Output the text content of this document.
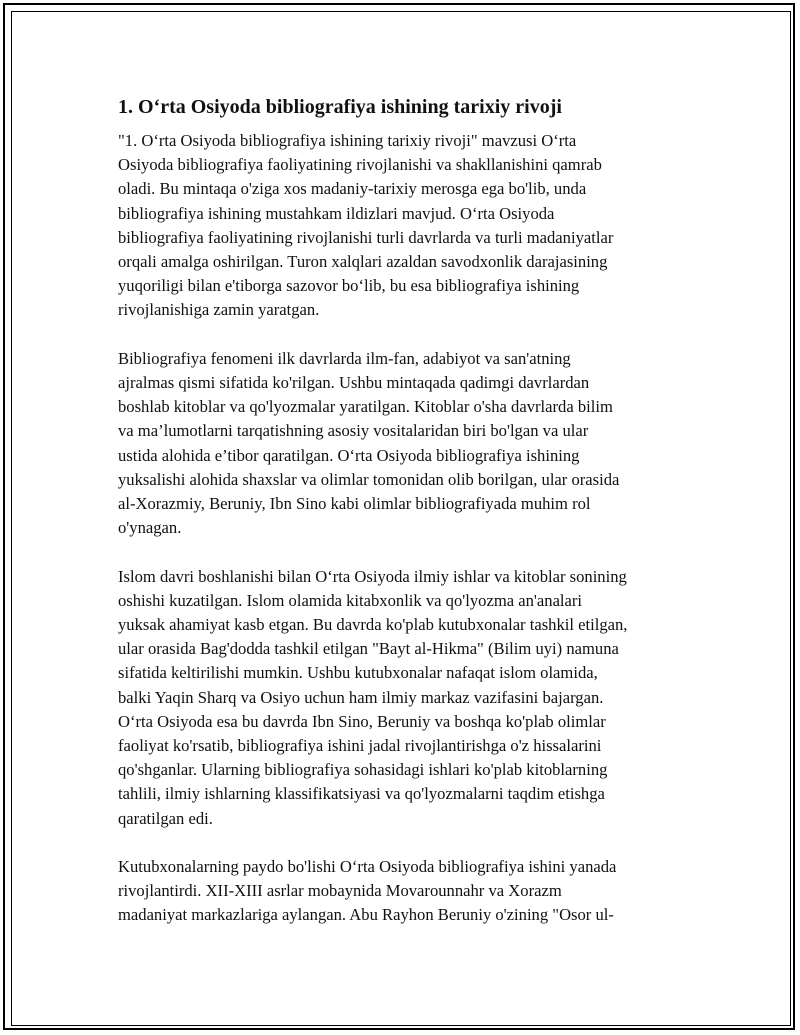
1. O‘rta Osiyoda bibliografiya ishining tarixiy rivoji

"1. O‘rta Osiyoda bibliografiya ishining tarixiy rivoji" mavzusi O‘rta
Osiyoda bibliografiya faoliyatining rivojlanishi va shakllanishini qamrab
oladi. Bu mintaqa o'ziga xos madaniy-tarixiy merosga ega bo'lib, unda
bibliografiya ishining mustahkam ildizlari mavjud. O‘rta Osiyoda
bibliografiya faoliyatining rivojlanishi turli davrlarda va turli madaniyatlar
orqali amalga oshirilgan. Turon xalqlari azaldan savodxonlik darajasining
yuqoriligi bilan e'tiborga sazovor bo‘lib, bu esa bibliografiya ishining
rivojlanishiga zamin yaratgan.

Bibliografiya fenomeni ilk davrlarda ilm-fan, adabiyot va san'atning
ajralmas qismi sifatida ko'rilgan. Ushbu mintaqada qadimgi davrlardan
boshlab kitoblar va qo'lyozmalar yaratilgan. Kitoblar o'sha davrlarda bilim
va ma’lumotlarni tarqatishning asosiy vositalaridan biri bo'lgan va ular
ustida alohida e’tibor qaratilgan. O‘rta Osiyoda bibliografiya ishining
yuksalishi alohida shaxslar va olimlar tomonidan olib borilgan, ular orasida
al-Xorazmiy, Beruniy, Ibn Sino kabi olimlar bibliografiyada muhim rol
o'ynagan.

Islom davri boshlanishi bilan O‘rta Osiyoda ilmiy ishlar va kitoblar sonining
oshishi kuzatilgan. Islom olamida kitabxonlik va qo'lyozma an'analari
yuksak ahamiyat kasb etgan. Bu davrda ko'plab kutubxonalar tashkil etilgan,
ular orasida Bag'dodda tashkil etilgan "Bayt al-Hikma" (Bilim uyi) namuna
sifatida keltirilishi mumkin. Ushbu kutubxonalar nafaqat islom olamida,
balki Yaqin Sharq va Osiyo uchun ham ilmiy markaz vazifasini bajargan.
O‘rta Osiyoda esa bu davrda Ibn Sino, Beruniy va boshqa ko'plab olimlar
faoliyat ko'rsatib, bibliografiya ishini jadal rivojlantirishga o'z hissalarini
qo'shganlar. Ularning bibliografiya sohasidagi ishlari ko'plab kitoblarning
tahlili, ilmiy ishlarning klassifikatsiyasi va qo'lyozmalarni taqdim etishga
qaratilgan edi.

Kutubxonalarning paydo bo'lishi O‘rta Osiyoda bibliografiya ishini yanada
rivojlantirdi. XII-XIII asrlar mobaynida Movarounnahr va Xorazm
madaniyat markazlariga aylangan. Abu Rayhon Beruniy o'zining "Osor ul-
